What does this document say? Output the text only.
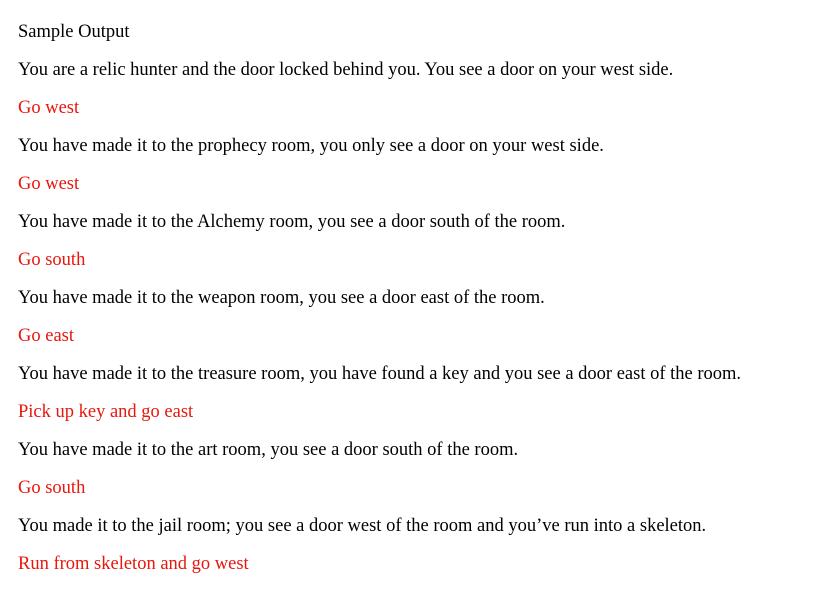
Sample Output

You are a relic hunter and the door locked behind you. You see a door on your west side.

Go west

You have made it to the prophecy room, you only see a door on your west side.

Go west

You have made it to the Alchemy room, you see a door south of the room.

Go south

You have made it to the weapon room, you see a door east of the room.

Go east

You have made it to the treasure room, you have found a key and you see a door east of the room.

Pick up key and go east

You have made it to the art room, you see a door south of the room.

Go south

You made it to the jail room; you see a door west of the room and you’ve run into a skeleton.

Run from skeleton and go west
